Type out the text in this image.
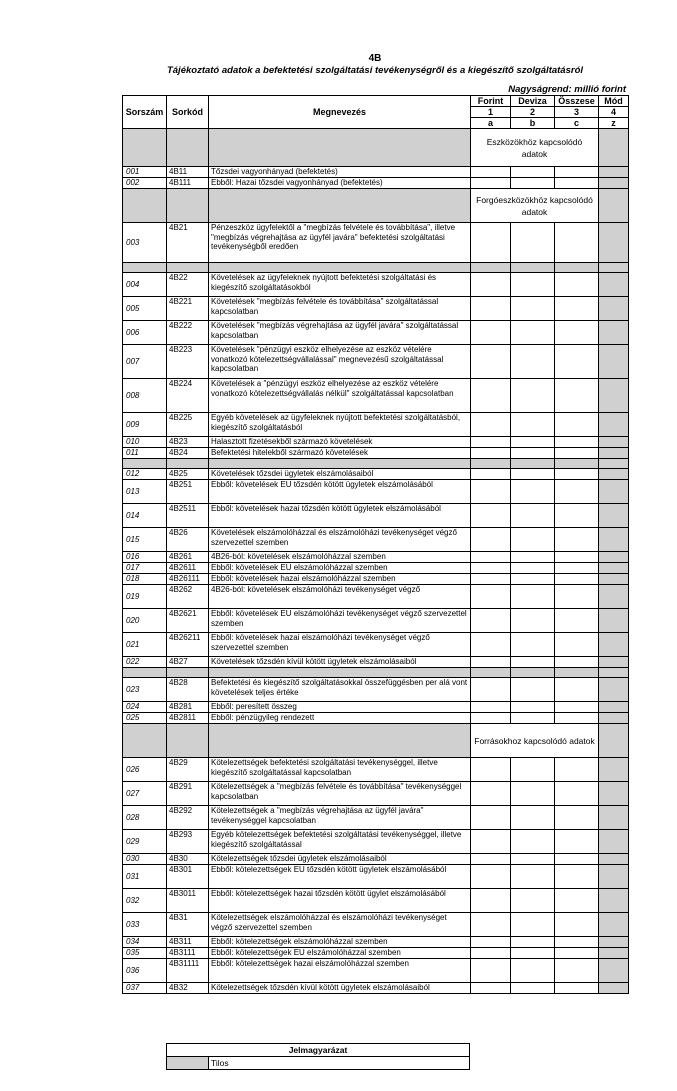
4B
Tájékoztató adatok a befektetési szolgáltatási tevékenységről és a kiegészítő szolgáltatásról
Nagyságrend: millió forint
Sorszám	Sorkód	Megnevezés	Forint	Deviza	Összese	Mód
			1	2	3	4
			a	b	c	z
			Eszközökhöz kapcsolódó adatok			
001	4B11	Tőzsdei vagyonhányad (befektetés)				
002	4B111	Ebből: Hazai tőzsdei vagyonhányad (befektetés)				
			Forgóeszközökhöz kapcsolódó adatok			
003	4B21	Pénzeszköz ügyfelektől a "megbízás felvétele és továbbítása", illetve "megbízás végrehajtása az ügyfél javára" befektetési szolgáltatási tevékenységből eredően				

004	4B22	Követelések az ügyfeleknek nyújtott befektetési szolgáltatási és kiegészítő szolgáltatásokból				
005	4B221	Követelések "megbízás felvétele és továbbítása" szolgáltatással kapcsolatban				
006	4B222	Követelések "megbízás végrehajtása az ügyfél javára" szolgáltatással kapcsolatban				
007	4B223	Követelések "pénzügyi eszköz elhelyezése az eszköz vételére vonatkozó kötelezettségvállalással" megnevezésű szolgáltatással kapcsolatban				
008	4B224	Követelések a "pénzügyi eszköz elhelyezése az eszköz vételére vonatkozó kötelezettségvállalás nélkül" szolgáltatással kapcsolatban				
009	4B225	Egyéb követelések az ügyfeleknek nyújtott befektetési szolgáltatásból, kiegészítő szolgáltatásból				
010	4B23	Halasztott fizetésekből származó követelések				
011	4B24	Befektetési hitelekből származó követelések				

012	4B25	Követelések tőzsdei ügyletek elszámolásaiból				
013	4B251	Ebből: követelések EU tőzsdén kötött ügyletek elszámolásából				
014	4B2511	Ebből: követelések hazai tőzsdén kötött ügyletek elszámolásából				
015	4B26	Követelések elszámolóházzal és elszámolóházi tevékenységet végző szervezettel szemben				
016	4B261	4B26-ból: követelések elszámolóházzal szemben				
017	4B2611	Ebből: követelések EU elszámolóházzal szemben				
018	4B26111	Ebből: követelések hazai elszámolóházzal szemben				
019	4B262	4B26-ból: követelések elszámolóházi tevékenységet végző				
020	4B2621	Ebből: követelések EU elszámolóházi tevékenységet végző szervezettel szemben				
021	4B26211	Ebből: követelések hazai elszámolóházi tevékenységet végző szervezettel szemben				
022	4B27	Követelések tőzsdén kívül kötött ügyletek elszámolásaiból				

023	4B28	Befektetési és kiegészítő szolgáltatásokkal összefüggésben per alá vont követelések teljes értéke				
024	4B281	Ebből: peresített összeg				
025	4B2811	Ebből: pénzügyileg rendezett				
			Forrásokhoz kapcsolódó adatok			
026	4B29	Kötelezettségek befektetési szolgáltatási tevékenységgel, illetve kiegészítő szolgáltatással kapcsolatban				
027	4B291	Kötelezettségek a "megbízás felvétele és továbbítása" tevékenységgel kapcsolatban				
028	4B292	Kötelezettségek a "megbízás végrehajtása az ügyfél javára" tevékenységgel kapcsolatban				
029	4B293	Egyéb kötelezettségek befektetési szolgáltatási tevékenységgel, illetve kiegészítő szolgáltatással				
030	4B30	Kötelezettségek tőzsdei ügyletek elszámolásaiból				
031	4B301	Ebből: kötelezettségek EU tőzsdén kötött ügyletek elszámolásából				
032	4B3011	Ebből: kötelezettségek hazai tőzsdén kötött ügylet elszámolásából				
033	4B31	Kötelezettségek elszámolóházzal és elszámolóházi tevékenységet végző szervezettel szemben				
034	4B311	Ebből: kötelezettségek elszámolóházzal szemben				
035	4B3111	Ebből: kötelezettségek EU elszámolóházzal szemben				
036	4B31111	Ebből: kötelezettségek hazai elszámolóházzal szemben				
037	4B32	Kötelezettségek tőzsdén kívül kötött ügyletek elszámolásaiból				
Jelmagyarázat
	Tilos
